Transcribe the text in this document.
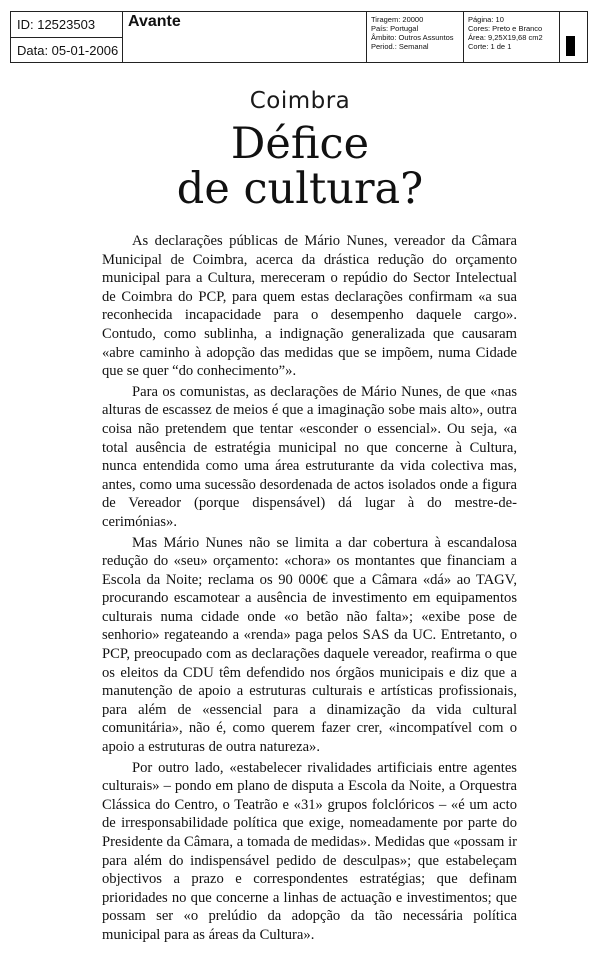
ID: 12523503
Data: 05-01-2006
Avante	Tiragem: 20000
País: Portugal
Âmbito: Outros Assuntos
Period.: Semanal
Página: 10
Cores: Preto e Branco
Área: 9,25X19,68 cm2
Corte: 1 de 1
Coimbra
Défice
de cultura?

As declarações públicas de Mário Nunes, vereador da Câmara Municipal de Coimbra, acerca da drástica redução do orçamento municipal para a Cultura, mereceram o repúdio do Sector Intelectual de Coimbra do PCP, para quem estas declarações confirmam «a sua reconhecida incapacidade para o desempenho daquele cargo». Contudo, como sublinha, a indignação generalizada que causaram «abre caminho à adopção das medidas que se impõem, numa Cidade que se quer “do conhecimento”».

Para os comunistas, as declarações de Mário Nunes, de que «nas alturas de escassez de meios é que a imaginação sobe mais alto», outra coisa não pretendem que tentar «esconder o essencial». Ou seja, «a total ausência de estratégia municipal no que concerne à Cultura, nunca entendida como uma área estruturante da vida colectiva mas, antes, como uma sucessão desordenada de actos isolados onde a figura de Vereador (porque dispensável) dá lugar à do mestre-de-cerimónias».

Mas Mário Nunes não se limita a dar cobertura à escandalosa redução do «seu» orçamento: «chora» os montantes que financiam a Escola da Noite; reclama os 90 000€ que a Câmara «dá» ao TAGV, procurando escamotear a ausência de investimento em equipamentos culturais numa cidade onde «o betão não falta»; «exibe pose de senhorio» regateando a «renda» paga pelos SAS da UC. Entretanto, o PCP, preocupado com as declarações daquele vereador, reafirma o que os eleitos da CDU têm defendido nos órgãos municipais e diz que a manutenção de apoio a estruturas culturais e artísticas profissionais, para além de «essencial para a dinamização da vida cultural comunitária», não é, como querem fazer crer, «incompatível com o apoio a estruturas de outra natureza».

Por outro lado, «estabelecer rivalidades artificiais entre agentes culturais» – pondo em plano de disputa a Escola da Noite, a Orquestra Clássica do Centro, o Teatrão e «31» grupos folclóricos – «é um acto de irresponsabilidade política que exige, nomeadamente por parte do Presidente da Câmara, a tomada de medidas». Medidas que «possam ir para além do indispensável pedido de desculpas»; que estabeleçam objectivos a prazo e correspondentes estratégias; que definam prioridades no que concerne a linhas de actuação e investimentos; que possam ser «o prelúdio da adopção da tão necessária política municipal para as áreas da Cultura».
